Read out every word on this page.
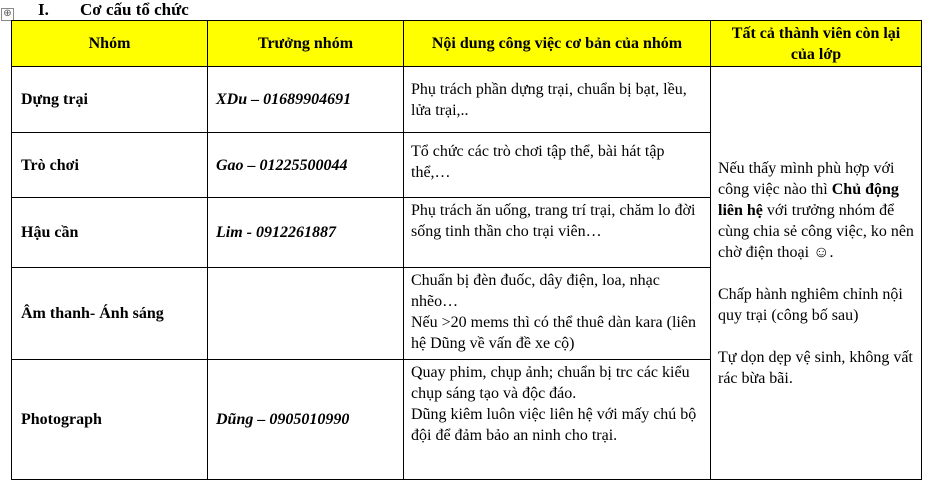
⊕ I. Cơ cấu tổ chức
Nhóm	Trưởng nhóm	Nội dung công việc cơ bản của nhóm	Tất cả thành viên còn lại của lớp
Dựng trại	XDu – 01689904691	Phụ trách phần dựng trại, chuẩn bị bạt, lều, lửa trại,..	Nếu thấy mình phù hợp với công việc nào thì Chủ động liên hệ với trưởng nhóm để cùng chia sẻ công việc, ko nên chờ điện thoại ☺.

Chấp hành nghiêm chỉnh nội quy trại (công bố sau)

Tự dọn dẹp vệ sinh, không vất rác bừa bãi.

Trò chơi	Gao – 01225500044	Tổ chức các trò chơi tập thể, bài hát tập thể,…	
Hậu cần	Lim - 0912261887	Phụ trách ăn uống, trang trí trại, chăm lo đời sống tinh thần cho trại viên…	
Âm thanh- Ánh sáng		Chuẩn bị đèn đuốc, dây điện, loa, nhạc nhẽo…
Nếu >20 mems thì có thể thuê dàn kara (liên hệ Dũng về vấn đề xe cộ)	

Photograph	Dũng – 0905010990	Quay phim, chụp ảnh; chuẩn bị trc các kiểu chụp sáng tạo và độc đáo.
Dũng kiêm luôn việc liên hệ với mấy chú bộ đội để đảm bảo an ninh cho trại.	
